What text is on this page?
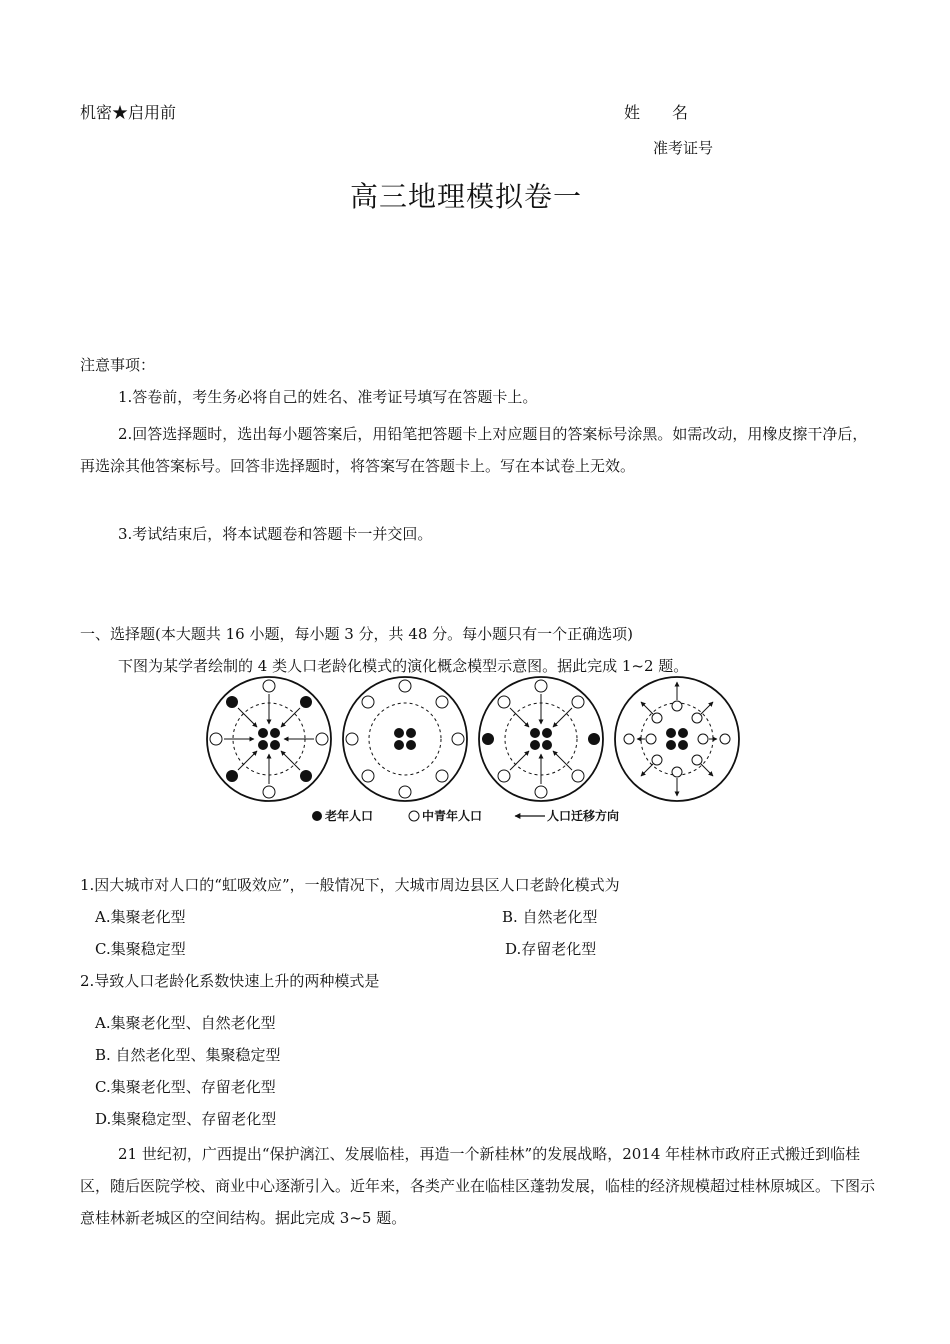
机密★启用前	姓　　名
准考证号
高三地理模拟卷一
注意事项：
1.答卷前，考生务必将自己的姓名、准考证号填写在答题卡上。
2.回答选择题时，选出每小题答案后，用铅笔把答题卡上对应题目的答案标号涂黑。如需改动，用橡皮擦干净后，再选涂其他答案标号。回答非选择题时，将答案写在答题卡上。写在本试卷上无效。
3.考试结束后，将本试题卷和答题卡一并交回。
一、选择题(本大题共 16 小题，每小题 3 分，共 48 分。每小题只有一个正确选项)
下图为某学者绘制的 4 类人口老龄化模式的演化概念模型示意图。据此完成 1~2 题。
老年人口	中青年人口	人口迁移方向
1.因大城市对人口的“虹吸效应”，一般情况下，大城市周边县区人口老龄化模式为
A.集聚老化型	B. 自然老化型
C.集聚稳定型	D.存留老化型
2.导致人口老龄化系数快速上升的两种模式是
A.集聚老化型、自然老化型
B. 自然老化型、集聚稳定型
C.集聚老化型、存留老化型
D.集聚稳定型、存留老化型
21 世纪初，广西提出“保护漓江、发展临桂，再造一个新桂林”的发展战略，2014 年桂林市政府正式搬迁到临桂区，随后医院学校、商业中心逐渐引入。近年来，各类产业在临桂区蓬勃发展，临桂的经济规模超过桂林原城区。下图示意桂林新老城区的空间结构。据此完成 3~5 题。
